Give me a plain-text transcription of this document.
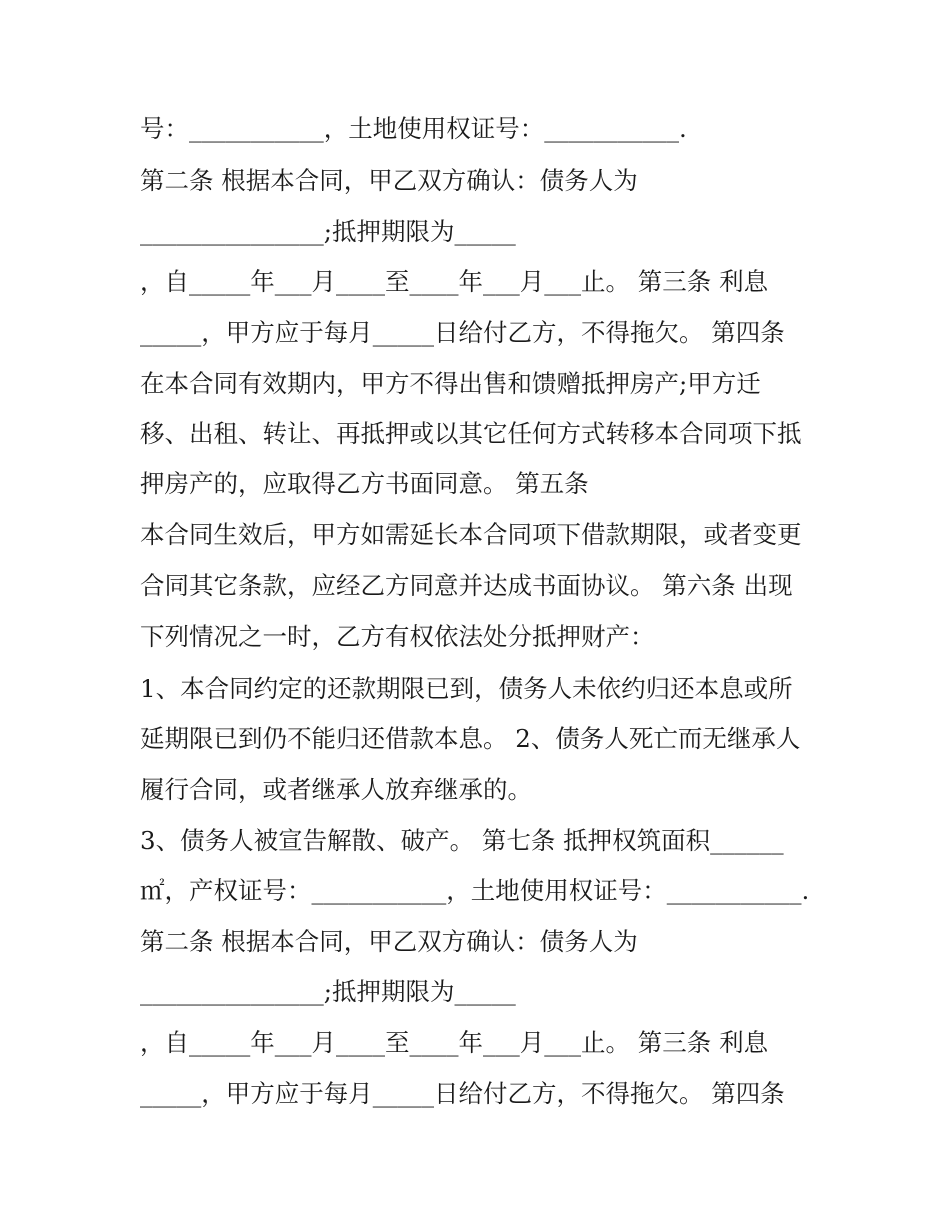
号：___________，土地使用权证号：___________.
第二条 根据本合同，甲乙双方确认：债务人为
_______________;抵押期限为_____
，自_____年___月____至____年___月___止。 第三条 利息
_____，甲方应于每月_____日给付乙方，不得拖欠。 第四条
在本合同有效期内，甲方不得出售和馈赠抵押房产;甲方迁
移、出租、转让、再抵押或以其它任何方式转移本合同项下抵
押房产的，应取得乙方书面同意。 第五条
本合同生效后，甲方如需延长本合同项下借款期限，或者变更
合同其它条款，应经乙方同意并达成书面协议。 第六条 出现
下列情况之一时，乙方有权依法处分抵押财产：
1、本合同约定的还款期限已到，债务人未依约归还本息或所
延期限已到仍不能归还借款本息。 2、债务人死亡而无继承人
履行合同，或者继承人放弃继承的。
3、债务人被宣告解散、破产。 第七条 抵押权筑面积______
㎡，产权证号：___________，土地使用权证号：___________.
第二条 根据本合同，甲乙双方确认：债务人为
_______________;抵押期限为_____
，自_____年___月____至____年___月___止。 第三条 利息
_____，甲方应于每月_____日给付乙方，不得拖欠。 第四条
